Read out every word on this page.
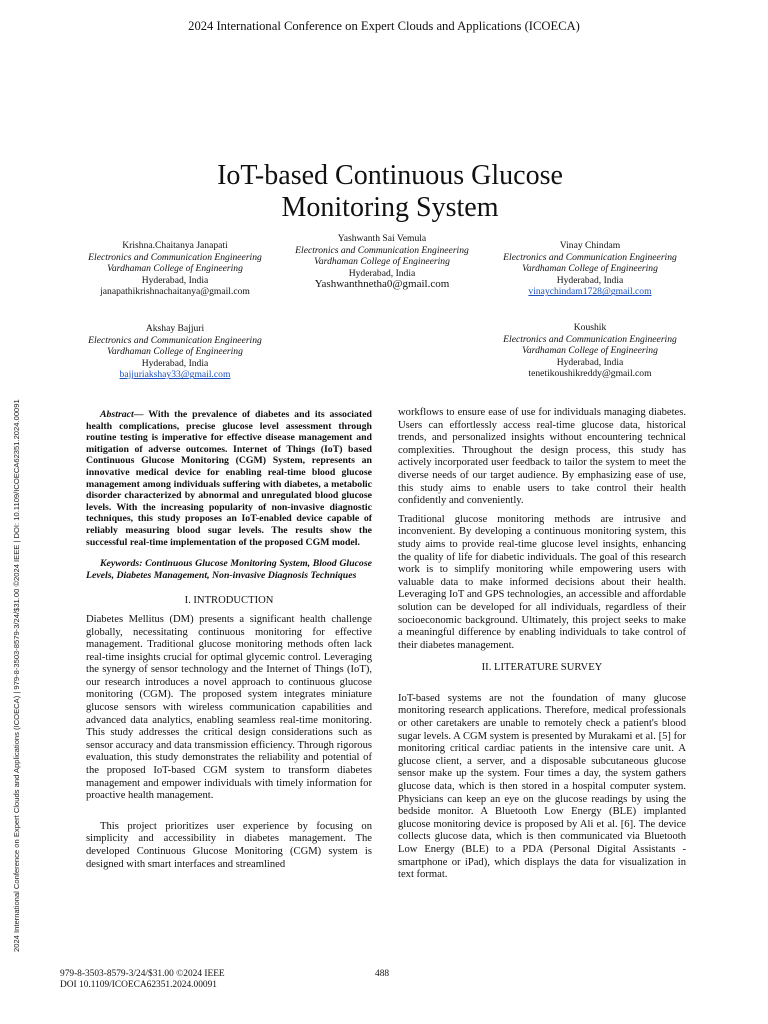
2024 International Conference on Expert Clouds and Applications (ICOECA)
2024 International Conference on Expert Clouds and Applications (ICOECA) | 979-8-3503-8579-3/24/$31.00 ©2024 IEEE | DOI: 10.1109/ICOECA62351.2024.00091
IoT-based Continuous Glucose Monitoring System
Krishna.Chaitanya Janapati
Electronics and Communication Engineering
Vardhaman College of Engineering
Hyderabad, India
janapathikrishnachaitanya@gmail.com
Yashwanth Sai Vemula
Electronics and Communication Engineering
Vardhaman College of Engineering
Hyderabad, India
Yashwanthnetha0@gmail.com
Vinay Chindam
Electronics and Communication Engineering
Vardhaman College of Engineering
Hyderabad, India
vinaychindam1728@gmail.com
Akshay Bajjuri
Electronics and Communication Engineering
Vardhaman College of Engineering
Hyderabad, India
bajjuriakshay33@gmail.com
Koushik
Electronics and Communication Engineering
Vardhaman College of Engineering
Hyderabad, India
tenetikoushikreddy@gmail.com

Abstract— With the prevalence of diabetes and its associated health complications, precise glucose level assessment through routine testing is imperative for effective disease management and mitigation of adverse outcomes. Internet of Things (IoT) based Continuous Glucose Monitoring (CGM) System, represents an innovative medical device for enabling real-time blood glucose management among individuals suffering with diabetes, a metabolic disorder characterized by abnormal and unregulated blood glucose levels. With the increasing popularity of non-invasive diagnostic techniques, this study proposes an IoT-enabled device capable of reliably measuring blood sugar levels. The results show the successful real-time implementation of the proposed CGM model.

Keywords: Continuous Glucose Monitoring System, Blood Glucose Levels, Diabetes Management, Non-invasive Diagnosis Techniques

I. INTRODUCTION

Diabetes Mellitus (DM) presents a significant health challenge globally, necessitating continuous monitoring for effective management. Traditional glucose monitoring methods often lack real-time insights crucial for optimal glycemic control. Leveraging the synergy of sensor technology and the Internet of Things (IoT), our research introduces a novel approach to continuous glucose monitoring (CGM). The proposed system integrates miniature glucose sensors with wireless communication capabilities and advanced data analytics, enabling seamless real-time monitoring. This study addresses the critical design considerations such as sensor accuracy and data transmission efficiency. Through rigorous evaluation, this study demonstrates the reliability and potential of the proposed IoT-based CGM system to transform diabetes management and empower individuals with timely information for proactive health management.

This project prioritizes user experience by focusing on simplicity and accessibility in diabetes management. The developed Continuous Glucose Monitoring (CGM) system is designed with smart interfaces and streamlined

workflows to ensure ease of use for individuals managing diabetes. Users can effortlessly access real-time glucose data, historical trends, and personalized insights without encountering technical complexities. Throughout the design process, this study has actively incorporated user feedback to tailor the system to meet the diverse needs of our target audience. By emphasizing ease of use, this study aims to enable users to take control their health confidently and conveniently.

Traditional glucose monitoring methods are intrusive and inconvenient. By developing a continuous monitoring system, this study aims to provide real-time glucose level insights, enhancing the quality of life for diabetic individuals. The goal of this research work is to simplify monitoring while empowering users with valuable data to make informed decisions about their health. Leveraging IoT and GPS technologies, an accessible and affordable solution can be developed for all individuals, regardless of their socioeconomic background. Ultimately, this project seeks to make a meaningful difference by enabling individuals to take control of their diabetes management.

II. LITERATURE SURVEY

IoT-based systems are not the foundation of many glucose monitoring research applications. Therefore, medical professionals or other caretakers are unable to remotely check a patient's blood sugar levels. A CGM system is presented by Murakami et al. [5] for monitoring critical cardiac patients in the intensive care unit. A glucose client, a server, and a disposable subcutaneous glucose sensor make up the system. Four times a day, the system gathers glucose data, which is then stored in a hospital computer system. Physicians can keep an eye on the glucose readings by using the bedside monitor. A Bluetooth Low Energy (BLE) implanted glucose monitoring device is proposed by Ali et al. [6]. The device collects glucose data, which is then communicated via Bluetooth Low Energy (BLE) to a PDA (Personal Digital Assistants - smartphone or iPad), which displays the data for visualization in text format.

979-8-3503-8579-3/24/$31.00 ©2024 IEEE
DOI 10.1109/ICOECA62351.2024.00091
488
